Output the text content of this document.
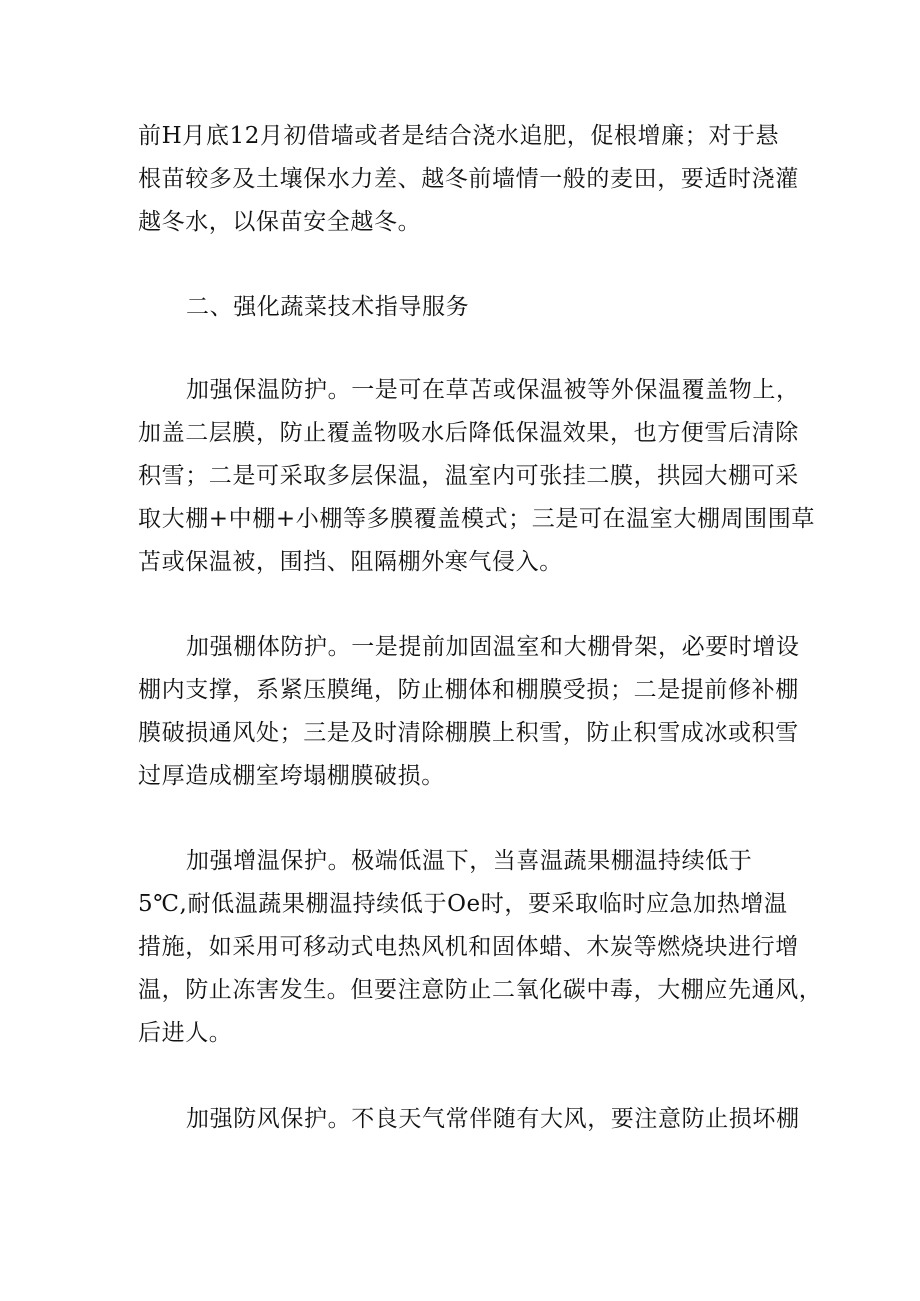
前H月底12月初借墙或者是结合浇水追肥，促根增廉；对于悬
根苗较多及土壤保水力差、越冬前墙情一般的麦田，要适时浇灌
越冬水，以保苗安全越冬。
二、强化蔬菜技术指导服务
加强保温防护。一是可在草苫或保温被等外保温覆盖物上，
加盖二层膜，防止覆盖物吸水后降低保温效果，也方便雪后清除
积雪；二是可采取多层保温，温室内可张挂二膜，拱园大棚可采
取大棚+中棚+小棚等多膜覆盖模式；三是可在温室大棚周围围草
苫或保温被，围挡、阻隔棚外寒气侵入。
加强棚体防护。一是提前加固温室和大棚骨架，必要时增设
棚内支撑，系紧压膜绳，防止棚体和棚膜受损；二是提前修补棚
膜破损通风处；三是及时清除棚膜上积雪，防止积雪成冰或积雪
过厚造成棚室垮塌棚膜破损。
加强增温保护。极端低温下，当喜温蔬果棚温持续低于
5℃,耐低温蔬果棚温持续低于Oe时，要采取临时应急加热增温
措施，如采用可移动式电热风机和固体蜡、木炭等燃烧块进行增
温，防止冻害发生。但要注意防止二氧化碳中毒，大棚应先通风，
后进人。
加强防风保护。不良天气常伴随有大风，要注意防止损坏棚
